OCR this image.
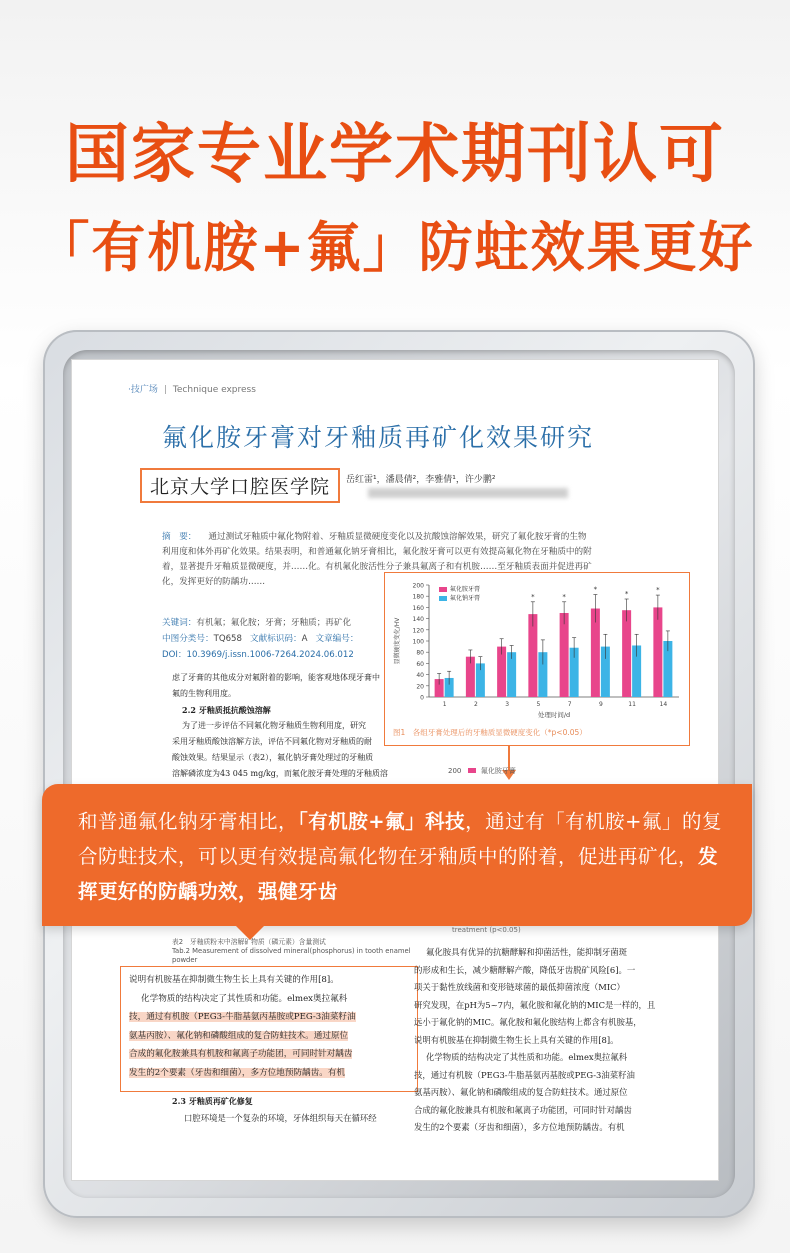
国家专业学术期刊认可
「有机胺+氟」防蛀效果更好
·技广场 | Technique express
氟化胺牙膏对牙釉质再矿化效果研究
北京大学口腔医学院	岳红雷¹，潘晨倩²，李雅倩¹，许少鹏²
摘　要： 通过测试牙釉质中氟化物附着、牙釉质显微硬度变化以及抗酸蚀溶解效果，研究了氟化胺牙膏的生物利用度和体外再矿化效果。结果表明，和普通氟化钠牙膏相比，氟化胺牙膏可以更有效提高氟化物在牙釉质中的附着，显著提升牙釉质显微硬度，并……化。有机氟化胺活性分子兼具氟离子和有机胺……至牙釉质表面并促进再矿化，发挥更好的防龋功……
关键词：有机氟；氟化胺；牙膏；牙釉质；再矿化
中图分类号：TQ658 文献标识码：A 文章编号：
DOI：10.3969/j.issn.1006-7264.2024.06.012
虑了牙膏的其他成分对氟附着的影响，能客观地体现牙膏中
氟的生物利用度。
2.2 牙釉质抵抗酸蚀溶解
为了进一步评估不同氟化物牙釉质生物利用度，研究
采用牙釉质酸蚀溶解方法，评估不同氟化物对牙釉质的耐
酸蚀效果。结果显示（表2），氟化钠牙膏处理过的牙釉质
溶解磷浓度为43 045 mg/kg，而氟化胺牙膏处理的牙釉质溶
0
20
40
60
80
100
120
140
160
180
200
显微硬度变化/HV
处理时间/d
1	2	3
*
5
*
7
*
9
*
11
*
14
氟化胺牙膏
氟化钠牙膏
图1　各组牙膏处理后的牙釉质显微硬度变化（*p<0.05）
200	氟化胺牙膏
treatment (p<0.05)
表2　牙釉质粉末中溶解矿物质（磷元素）含量测试
Tab.2 Measurement of dissolved mineral(phosphorus) in tooth enamel powder
说明有机胺基在抑制微生物生长上具有关键的作用[8]。
化学物质的结构决定了其性质和功能。elmex奥拉氟科
技，通过有机胺（PEG3-牛脂基氨丙基胺或PEG-3油菜籽油
氨基丙胺）、氟化钠和磷酸组成的复合防蛀技术。通过原位
合成的氟化胺兼具有机胺和氟离子功能团，可同时针对龋齿
发生的2个要素（牙齿和细菌），多方位地预防龋齿。有机
2.3 牙釉质再矿化修复
口腔环境是一个复杂的环境，牙体组织每天在循环经
氟化胺具有优异的抗糖酵解和抑菌活性，能抑制牙菌斑
的形成和生长，减少糖酵解产酸，降低牙齿脱矿风险[6]。一
项关于黏性放线菌和变形链球菌的最低抑菌浓度（MIC）
研究发现，在pH为5~7内，氟化胺和氟化钠的MIC是一样的，且
远小于氟化钠的MIC。氟化胺和氟化胺结构上都含有机胺基，
说明有机胺基在抑制微生物生长上具有关键的作用[8]。
化学物质的结构决定了其性质和功能。elmex奥拉氟科
技，通过有机胺（PEG3-牛脂基氨丙基胺或PEG-3油菜籽油
氨基丙胺）、氟化钠和磷酸组成的复合防蛀技术。通过原位
合成的氟化胺兼具有机胺和氟离子功能团，可同时针对龋齿
发生的2个要素（牙齿和细菌），多方位地预防龋齿。有机
和普通氟化钠牙膏相比，「有机胺+氟」科技，通过有「有机胺+氟」的复合防蛀技术，可以更有效提高氟化物在牙釉质中的附着，促进再矿化，发挥更好的防龋功效，强健牙齿
